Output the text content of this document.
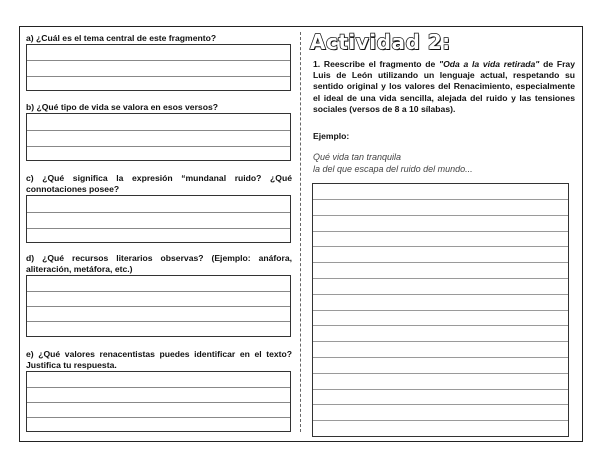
a) ¿Cuál es el tema central de este fragmento?
b) ¿Qué tipo de vida se valora en esos versos?
c) ¿Qué significa la expresión “mundanal ruido? ¿Qué connotaciones posee?
d) ¿Qué recursos literarios observas? (Ejemplo: anáfora, aliteración, metáfora, etc.)
e) ¿Qué valores renacentistas puedes identificar en el texto? Justifica tu respuesta.
Actividad 2:
1. Reescribe el fragmento de "Oda a la vida retirada" de Fray Luis de León utilizando un lenguaje actual, respetando su sentido original y los valores del Renacimiento, especialmente el ideal de una vida sencilla, alejada del ruido y las tensiones sociales (versos de 8 a 10 sílabas).
Ejemplo:
Qué vida tan tranquila
la del que escapa del ruido del mundo...
